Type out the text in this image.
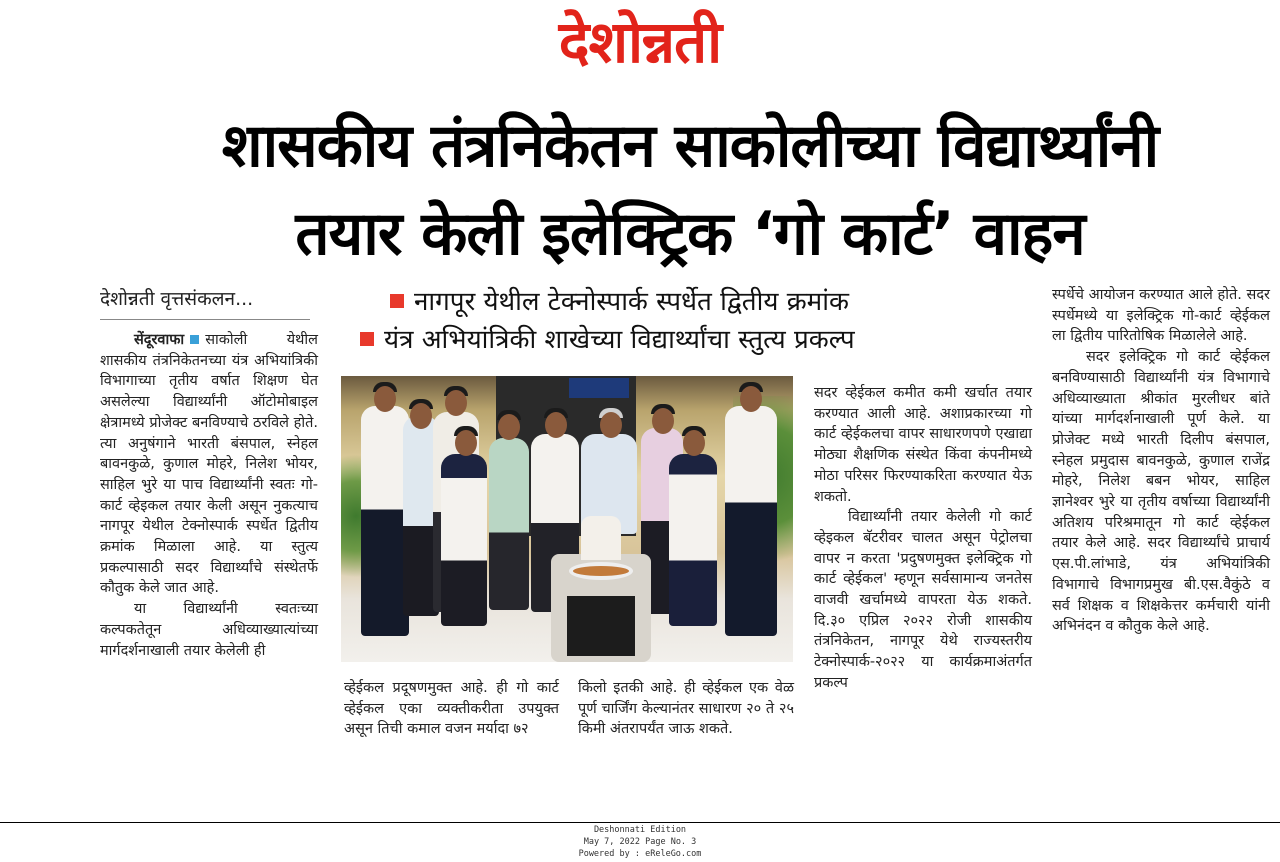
देशोन्नती
शासकीय तंत्रनिकेतन साकोलीच्या विद्यार्थ्यांनी
तयार केली इलेक्ट्रिक ‘गो कार्ट’ वाहन
देशोन्नती वृत्तसंकलन...	नागपूर येथील टेक्नोस्पार्क स्पर्धेत द्वितीय क्रमांक
यंत्र अभियांत्रिकी शाखेच्या विद्यार्थ्यांचा स्तुत्य प्रकल्प

सेंदूरवाफा साकोली येथील शासकीय तंत्रनिकेतनच्या यंत्र अभियांत्रिकी विभागाच्या तृतीय वर्षात शिक्षण घेत असलेल्या विद्यार्थ्यांनी ऑटोमोबाइल क्षेत्रामध्ये प्रोजेक्ट बनविण्याचे ठरविले होते. त्या अनुषंगाने भारती बंसपाल, स्नेहल बावनकुळे, कुणाल मोहरे, निलेश भोयर, साहिल भुरे या पाच विद्यार्थ्यांनी स्वतः गो-कार्ट व्हेइकल तयार केली असून नुकत्याच नागपूर येथील टेक्नोस्पार्क स्पर्धेत द्वितीय क्रमांक मिळाला आहे. या स्तुत्य प्रकल्पासाठी सदर विद्यार्थ्यांचे संस्थेतर्फे कौतुक केले जात आहे.

या विद्यार्थ्यांनी स्वतःच्या कल्पकतेतून अधिव्याख्यात्यांच्या मार्गदर्शनाखाली तयार केलेली ही

व्हेईकल प्रदूषणमुक्त आहे. ही गो कार्ट व्हेईकल एका व्यक्तीकरीता उपयुक्त असून तिची कमाल वजन मर्यादा ७२

किलो इतकी आहे. ही व्हेईकल एक वेळ पूर्ण चार्जिंग केल्यानंतर साधारण २० ते २५ किमी अंतरापर्यंत जाऊ शकते.

सदर व्हेईकल कमीत कमी खर्चात तयार करण्यात आली आहे. अशाप्रकारच्या गो कार्ट व्हेईकलचा वापर साधारणपणे एखाद्या मोठ्या शैक्षणिक संस्थेत किंवा कंपनीमध्ये मोठा परिसर फिरण्याकरिता करण्यात येऊ शकतो.

विद्यार्थ्यांनी तयार केलेली गो कार्ट व्हेइकल बॅटरीवर चालत असून पेट्रोलचा वापर न करता 'प्रदुषणमुक्त इलेक्ट्रिक गो कार्ट व्हेईकल' म्हणून सर्वसामान्य जनतेस वाजवी खर्चामध्ये वापरता येऊ शकते. दि.३० एप्रिल २०२२ रोजी शासकीय तंत्रनिकेतन, नागपूर येथे राज्यस्तरीय टेक्नोस्पार्क-२०२२ या कार्यक्रमाअंतर्गत प्रकल्प

स्पर्धेचे आयोजन करण्यात आले होते. सदर स्पर्धेमध्ये या इलेक्ट्रिक गो-कार्ट व्हेईकल ला द्वितीय पारितोषिक मिळालेले आहे.

सदर इलेक्ट्रिक गो कार्ट व्हेईकल बनविण्यासाठी विद्यार्थ्यांनी यंत्र विभागाचे अधिव्याख्याता श्रीकांत मुरलीधर बांते यांच्या मार्गदर्शनाखाली पूर्ण केले. या प्रोजेक्ट मध्ये भारती दिलीप बंसपाल, स्नेहल प्रमुदास बावनकुळे, कुणाल राजेंद्र मोहरे, निलेश बबन भोयर, साहिल ज्ञानेश्वर भुरे या तृतीय वर्षाच्या विद्यार्थ्यांनी अतिशय परिश्रमातून गो कार्ट व्हेईकल तयार केले आहे. सदर विद्यार्थ्यांचे प्राचार्य एस.पी.लांभाडे, यंत्र अभियांत्रिकी विभागाचे विभागप्रमुख बी.एस.वैकुंठे व सर्व शिक्षक व शिक्षकेत्तर कर्मचारी यांनी अभिनंदन व कौतुक केले आहे.

Deshonnati Edition
May 7, 2022 Page No. 3
Powered by : eReleGo.com
